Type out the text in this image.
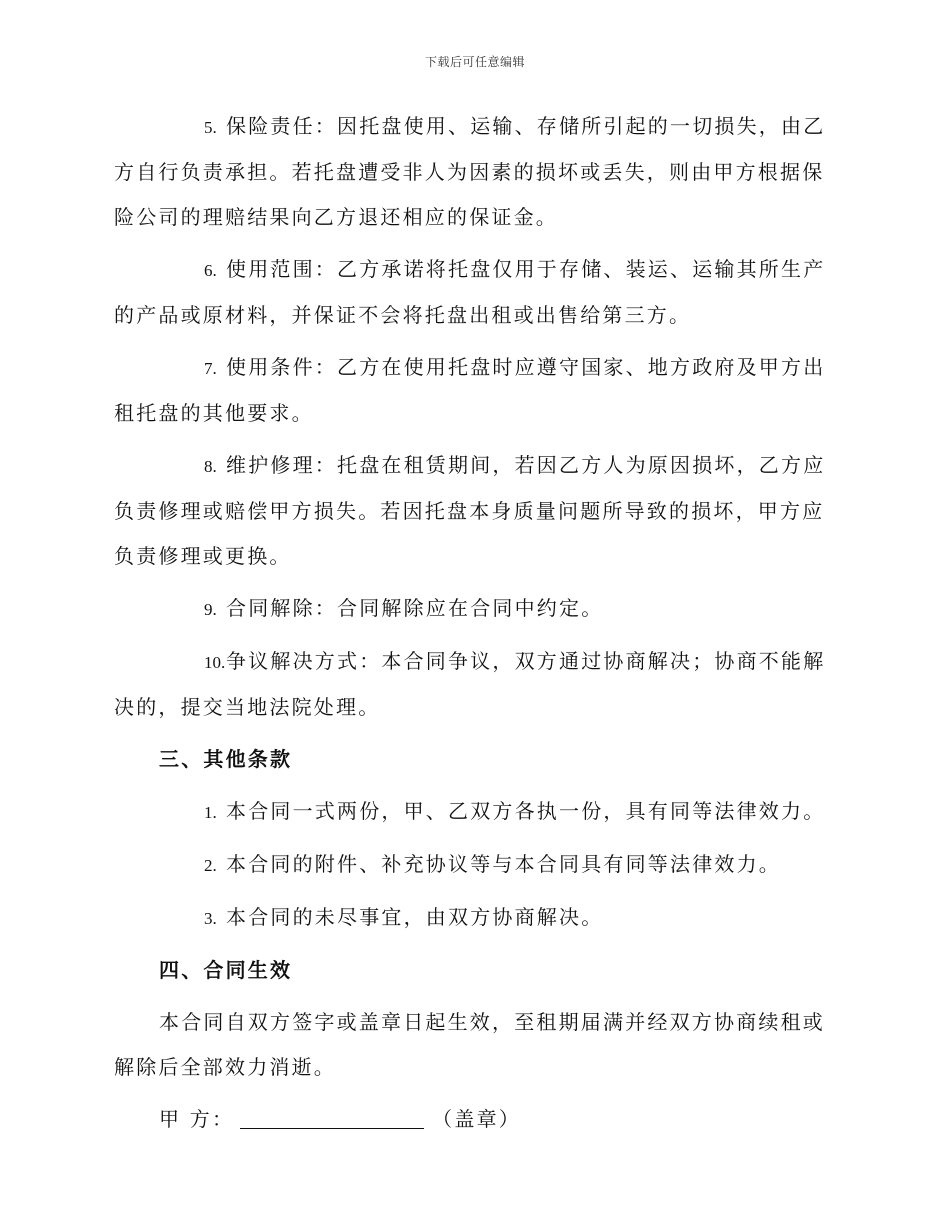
下载后可任意编辑

5. 保险责任：因托盘使用、运输、存储所引起的一切损失，由乙方自行负责承担。若托盘遭受非人为因素的损坏或丢失，则由甲方根据保险公司的理赔结果向乙方退还相应的保证金。

6. 使用范围：乙方承诺将托盘仅用于存储、装运、运输其所生产的产品或原材料，并保证不会将托盘出租或出售给第三方。

7. 使用条件：乙方在使用托盘时应遵守国家、地方政府及甲方出租托盘的其他要求。

8. 维护修理：托盘在租赁期间，若因乙方人为原因损坏，乙方应负责修理或赔偿甲方损失。若因托盘本身质量问题所导致的损坏，甲方应负责修理或更换。

9. 合同解除：合同解除应在合同中约定。

10.争议解决方式：本合同争议，双方通过协商解决；协商不能解决的，提交当地法院处理。

三、其他条款

1. 本合同一式两份，甲、乙双方各执一份，具有同等法律效力。

2. 本合同的附件、补充协议等与本合同具有同等法律效力。

3. 本合同的未尽事宜，由双方协商解决。

四、合同生效

本合同自双方签字或盖章日起生效，至租期届满并经双方协商续租或解除后全部效力消逝。

甲 方：	（盖章）
